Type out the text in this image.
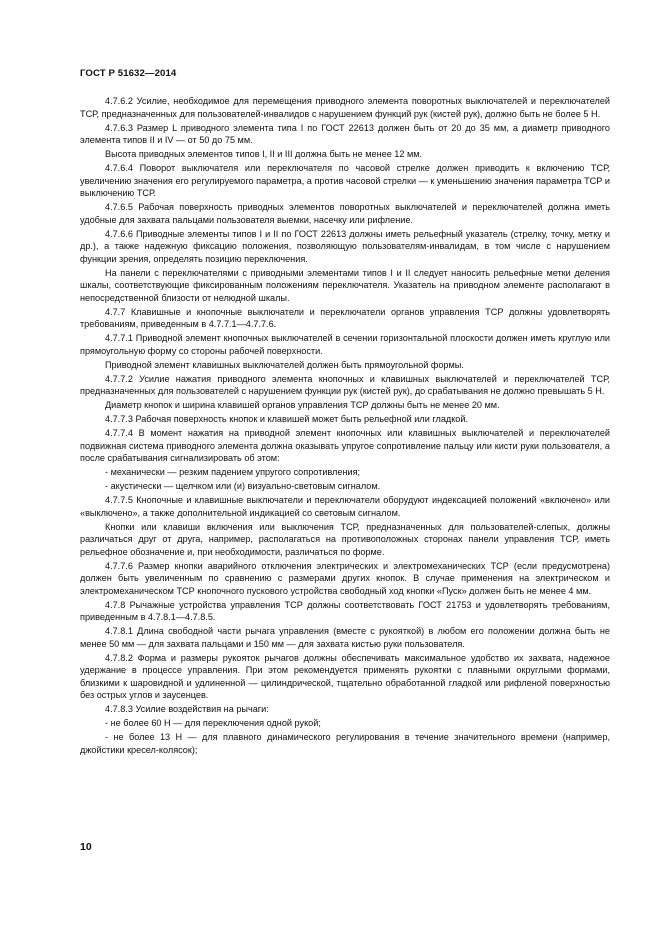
ГОСТ Р 51632—2014

4.7.6.2 Усилие, необходимое для перемещения приводного элемента поворотных выключателей и переключателей ТСР, предназначенных для пользователей-инвалидов с нарушением функций рук (кистей рук), должно быть не более 5 Н.

4.7.6.3 Размер L приводного элемента типа I по ГОСТ 22613 должен быть от 20 до 35 мм, а диаметр приводного элемента типов II и IV — от 50 до 75 мм.

Высота приводных элементов типов I, II и III должна быть не менее 12 мм.

4.7.6.4 Поворот выключателя или переключателя по часовой стрелке должен приводить к включению ТСР, увеличению значения его регулируемого параметра, а против часовой стрелки — к уменьшению значения параметра ТСР и выключению ТСР.

4.7.6.5 Рабочая поверхность приводных элементов поворотных выключателей и переключателей должна иметь удобные для захвата пальцами пользователя выемки, насечку или рифление.

4.7.6.6 Приводные элементы типов I и II по ГОСТ 22613 должны иметь рельефный указатель (стрелку, точку, метку и др.), а также надежную фиксацию положения, позволяющую пользователям-инвалидам, в том числе с нарушением функции зрения, определять позицию переключения.

На панели с переключателями с приводными элементами типов I и II следует наносить рельефные метки деления шкалы, соответствующие фиксированным положениям переключателя. Указатель на приводном элементе располагают в непосредственной близости от нелюдной шкалы.

4.7.7 Клавишные и кнопочные выключатели и переключатели органов управления ТСР должны удовлетворять требованиям, приведенным в 4.7.7.1—4.7.7.6.

4.7.7.1 Приводной элемент кнопочных выключателей в сечении горизонтальной плоскости должен иметь круглую или прямоугольную форму со стороны рабочей поверхности.

Приводной элемент клавишных выключателей должен быть прямоугольной формы.

4.7.7.2 Усилие нажатия приводного элемента кнопочных и клавишных выключателей и переключателей ТСР, предназначенных для пользователей с нарушением функции рук (кистей рук), до срабатывания не должно превышать 5 Н.

Диаметр кнопок и ширина клавишей органов управления ТСР должны быть не менее 20 мм.

4.7.7.3 Рабочая поверхность кнопок и клавишей может быть рельефной или гладкой.

4.7.7.4 В момент нажатия на приводной элемент кнопочных или клавишных выключателей и переключателей подвижная система приводного элемента должна оказывать упругое сопротивление пальцу или кисти руки пользователя, а после срабатывания сигнализировать об этом:

- механически — резким падением упругого сопротивления;

- акустически — щелчком или (и) визуально-световым сигналом.

4.7.7.5 Кнопочные и клавишные выключатели и переключатели оборудуют индексацией положений «включено» или «выключено», а также дополнительной индикацией со световым сигналом.

Кнопки или клавиши включения или выключения ТСР, предназначенных для пользователей-слепых, должны различаться друг от друга, например, располагаться на противоположных сторонах панели управления ТСР, иметь рельефное обозначение и, при необходимости, различаться по форме.

4.7.7.6 Размер кнопки аварийного отключения электрических и электромеханических ТСР (если предусмотрена) должен быть увеличенным по сравнению с размерами других кнопок. В случае применения на электрическом и электромеханическом ТСР кнопочного пускового устройства свободный ход кнопки «Пуск» должен быть не менее 4 мм.

4.7.8 Рычажные устройства управления ТСР должны соответствовать ГОСТ 21753 и удовлетворять требованиям, приведенным в 4.7.8.1—4.7.8.5.

4.7.8.1 Длина свободной части рычага управления (вместе с рукояткой) в любом его положении должна быть не менее 50 мм — для захвата пальцами и 150 мм — для захвата кистью руки пользователя.

4.7.8.2 Форма и размеры рукояток рычагов должны обеспечивать максимальное удобство их захвата, надежное удержание в процессе управления. При этом рекомендуется применять рукоятки с плавными округлыми формами, близкими к шаровидной и удлиненной — цилиндрической, тщательно обработанной гладкой или рифленой поверхностью без острых углов и заусенцев.

4.7.8.3 Усилие воздействия на рычаги:

- не более 60 Н — для переключения одной рукой;

- не более 13 Н — для плавного динамического регулирования в течение значительного времени (например, джойстики кресел-колясок);

10
